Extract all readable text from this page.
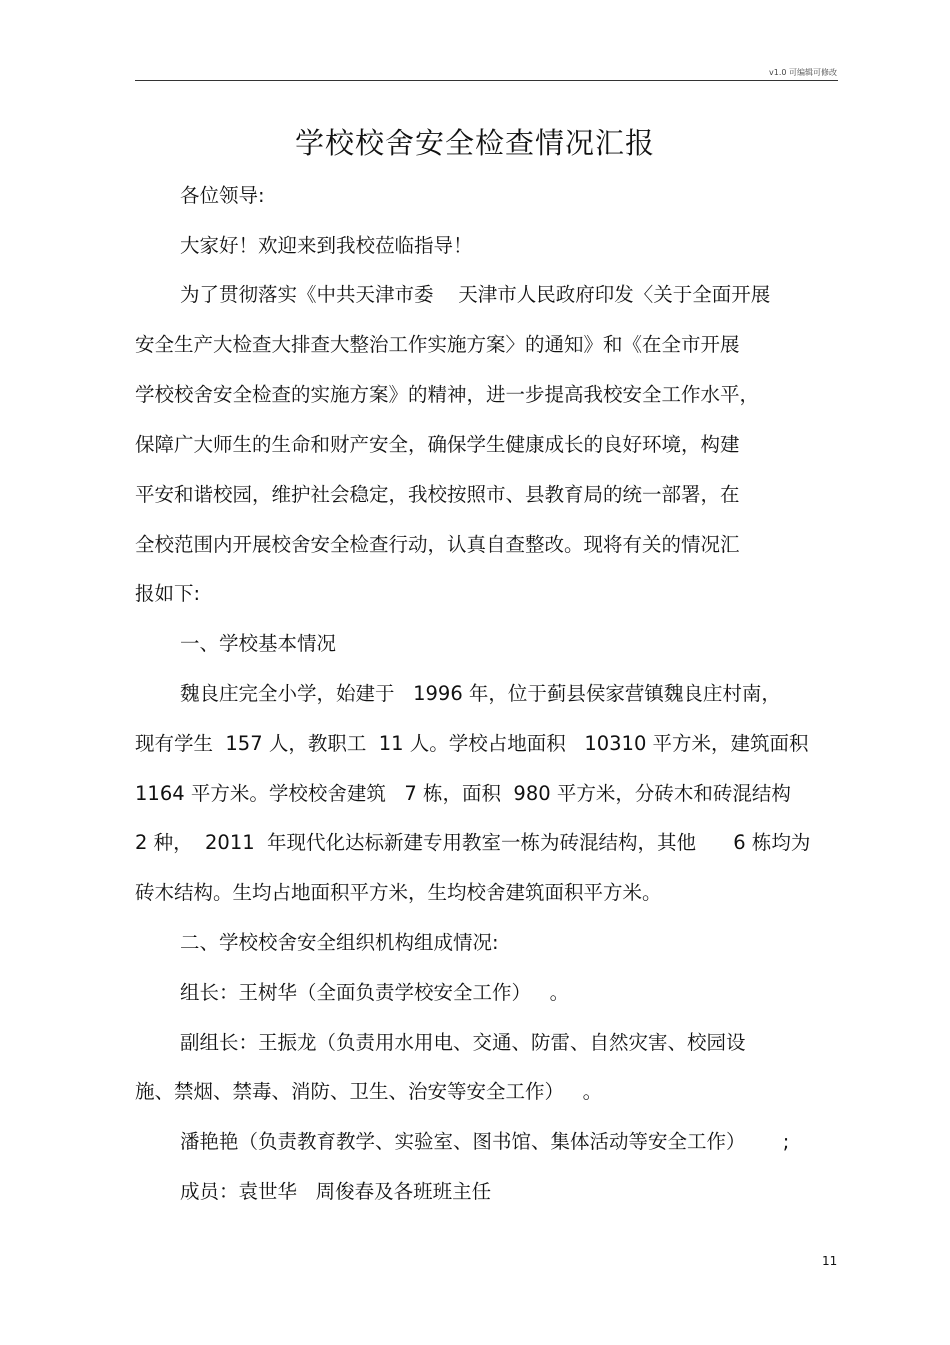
v1.0 可编辑可修改
学校校舍安全检查情况汇报
各位领导:
大家好！欢迎来到我校莅临指导！
为了贯彻落实《中共天津市委    天津市人民政府印发〈关于全面开展
安全生产大检查大排查大整治工作实施方案〉的通知》和《在全市开展
学校校舍安全检查的实施方案》的精神，进一步提高我校安全工作水平，
保障广大师生的生命和财产安全，确保学生健康成长的良好环境，构建
平安和谐校园，维护社会稳定，我校按照市、县教育局的统一部署，在
全校范围内开展校舍安全检查行动，认真自查整改。现将有关的情况汇
报如下:
一、学校基本情况
魏良庄完全小学，始建于   1996 年，位于蓟县侯家营镇魏良庄村南，
现有学生  157 人，教职工  11 人。学校占地面积   10310 平方米，建筑面积
1164 平方米。学校校舍建筑   7 栋，面积  980 平方米，分砖木和砖混结构
2 种，  2011  年现代化达标新建专用教室一栋为砖混结构，其他      6 栋均为
砖木结构。生均占地面积平方米，生均校舍建筑面积平方米。
二、学校校舍安全组织机构组成情况:
组长：王树华（全面负责学校安全工作）   。
副组长：王振龙（负责用水用电、交通、防雷、自然灾害、校园设
施、禁烟、禁毒、消防、卫生、治安等安全工作）   。
潘艳艳（负责教育教学、实验室、图书馆、集体活动等安全工作）      ;
成员：袁世华   周俊春及各班班主任
11
